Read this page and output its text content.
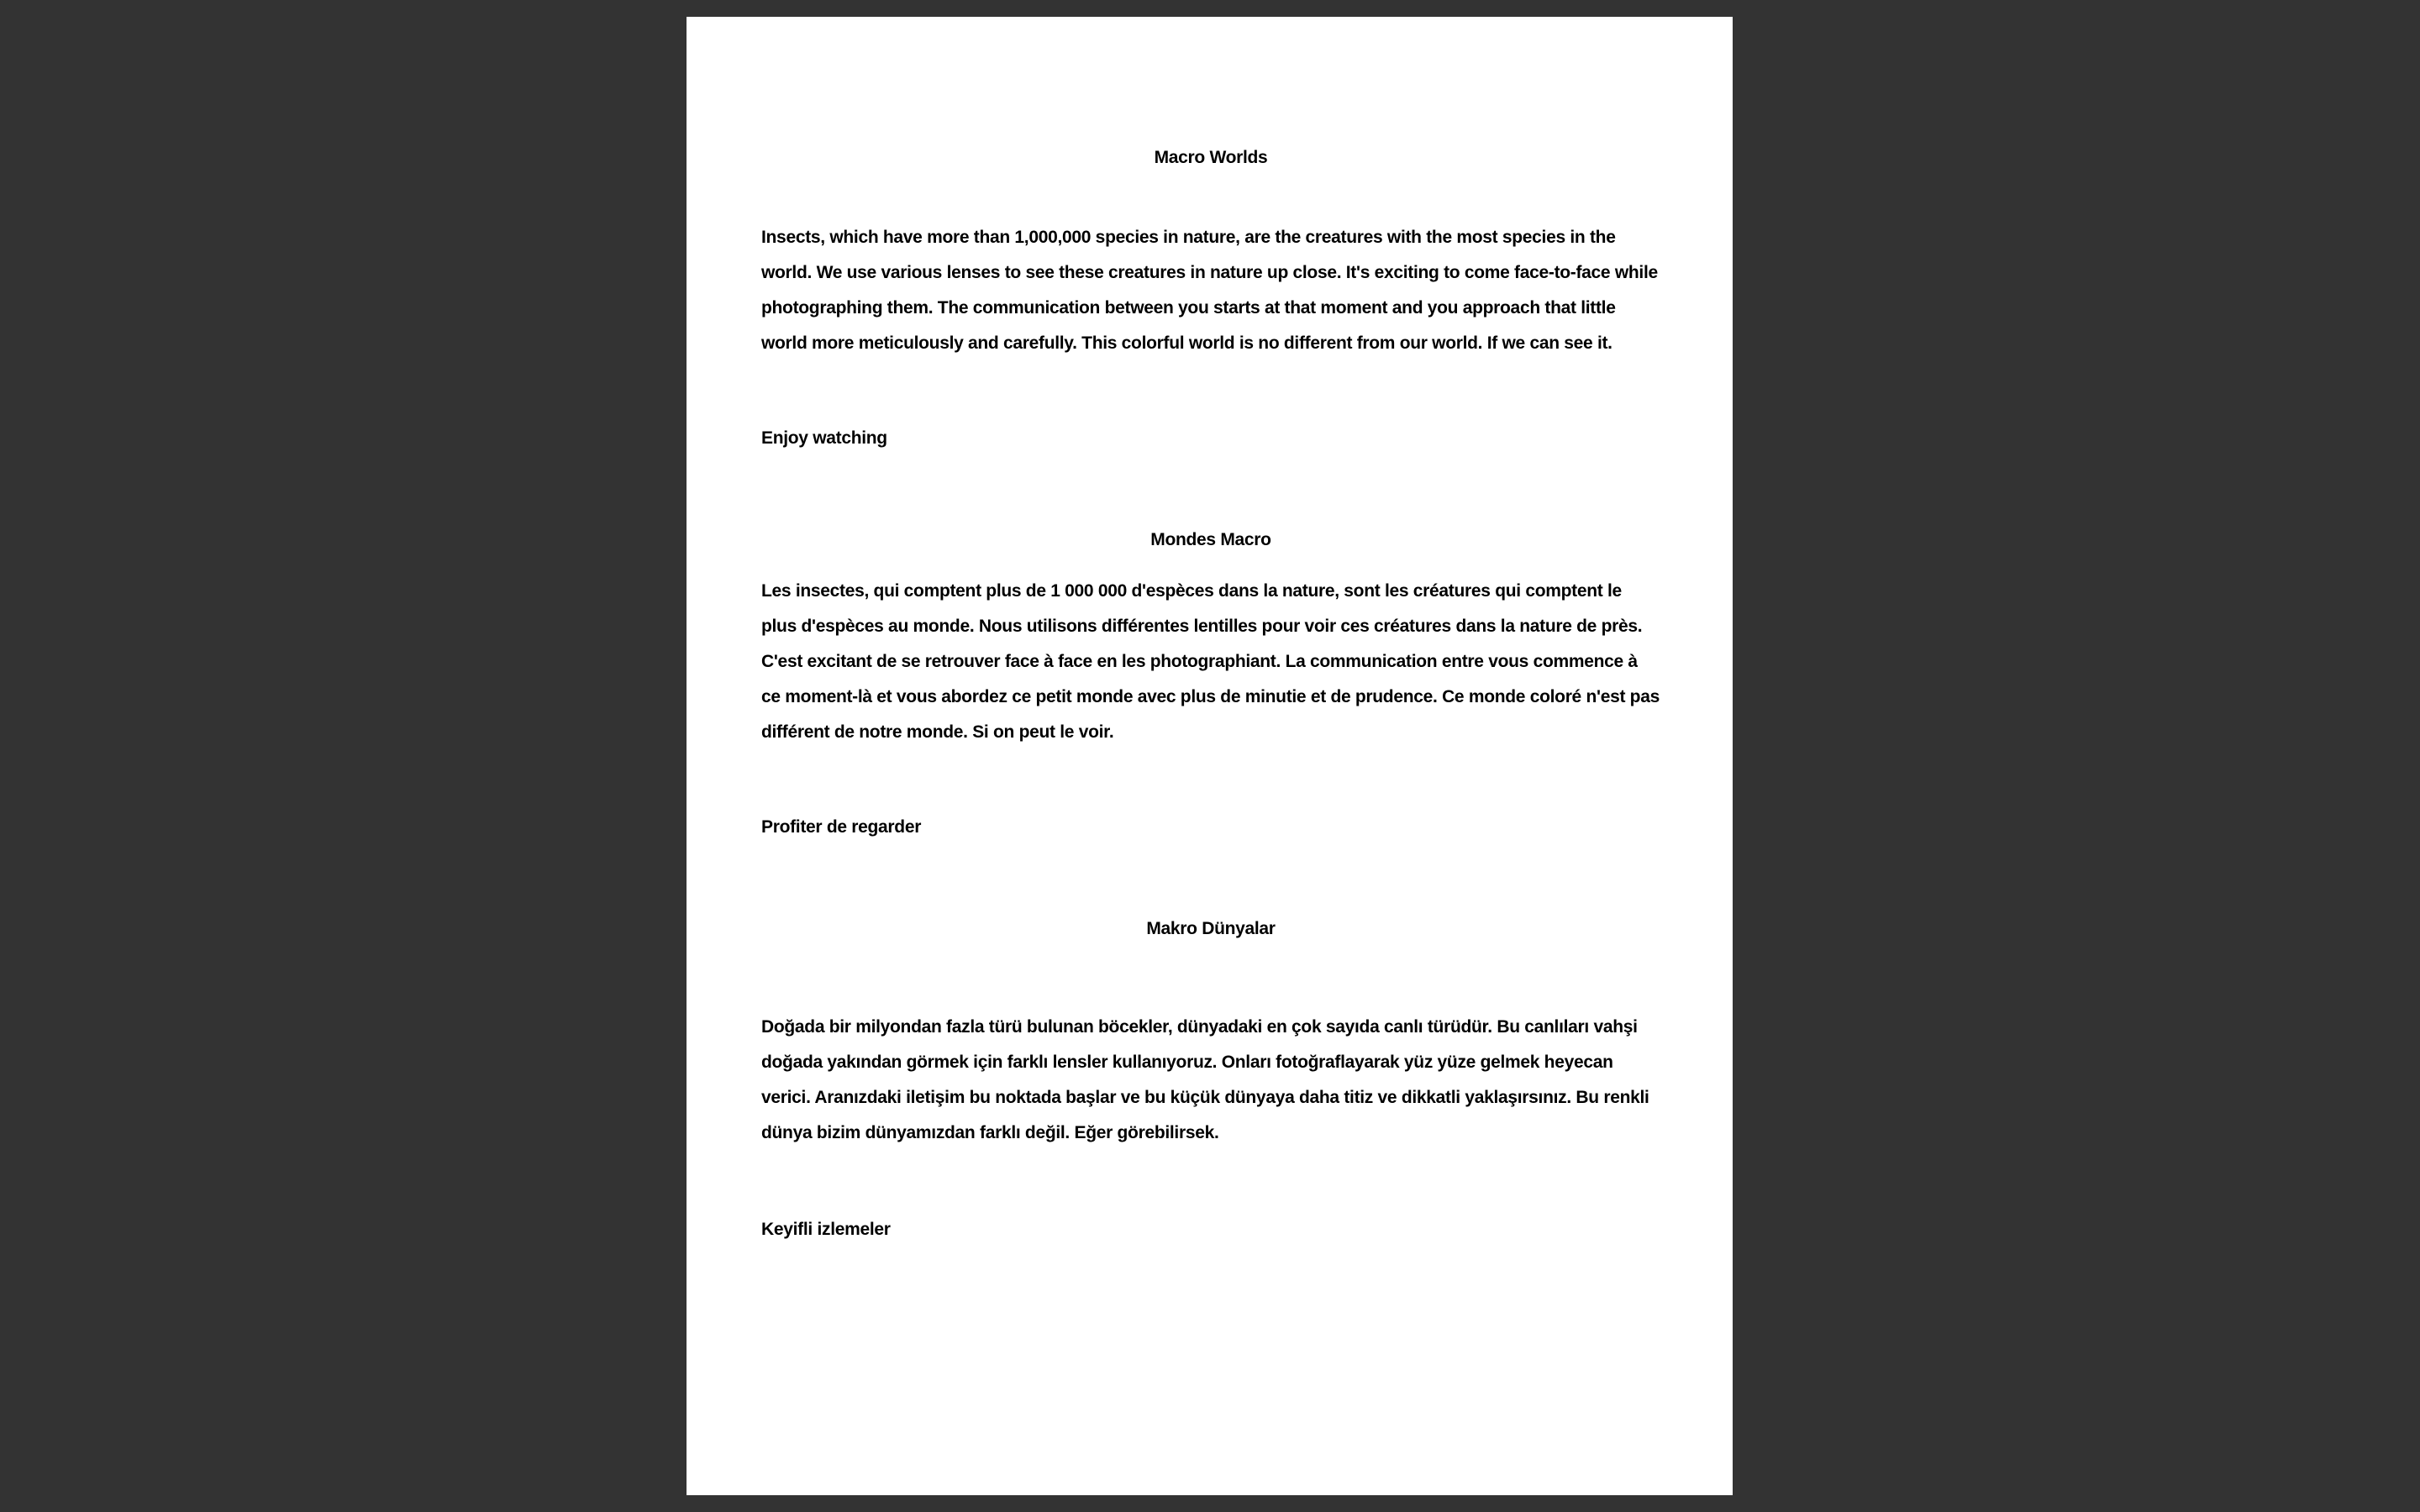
Macro Worlds
Insects, which have more than 1,000,000 species in nature, are the creatures with the most species in the world. We use various lenses to see these creatures in nature up close. It's exciting to come face-to-face while photographing them. The communication between you starts at that moment and you approach that little world more meticulously and carefully. This colorful world is no different from our world. If we can see it.
Enjoy watching
Mondes Macro
Les insectes, qui comptent plus de 1 000 000 d'espèces dans la nature, sont les créatures qui comptent le plus d'espèces au monde. Nous utilisons différentes lentilles pour voir ces créatures dans la nature de près. C'est excitant de se retrouver face à face en les photographiant. La communication entre vous commence à ce moment-là et vous abordez ce petit monde avec plus de minutie et de prudence. Ce monde coloré n'est pas différent de notre monde. Si on peut le voir.
Profiter de regarder
Makro Dünyalar
Doğada bir milyondan fazla türü bulunan böcekler, dünyadaki en çok sayıda canlı türüdür. Bu canlıları vahşi doğada yakından görmek için farklı lensler kullanıyoruz. Onları fotoğraflayarak yüz yüze gelmek heyecan verici. Aranızdaki iletişim bu noktada başlar ve bu küçük dünyaya daha titiz ve dikkatli yaklaşırsınız. Bu renkli dünya bizim dünyamızdan farklı değil. Eğer görebilirsek.
Keyifli izlemeler
